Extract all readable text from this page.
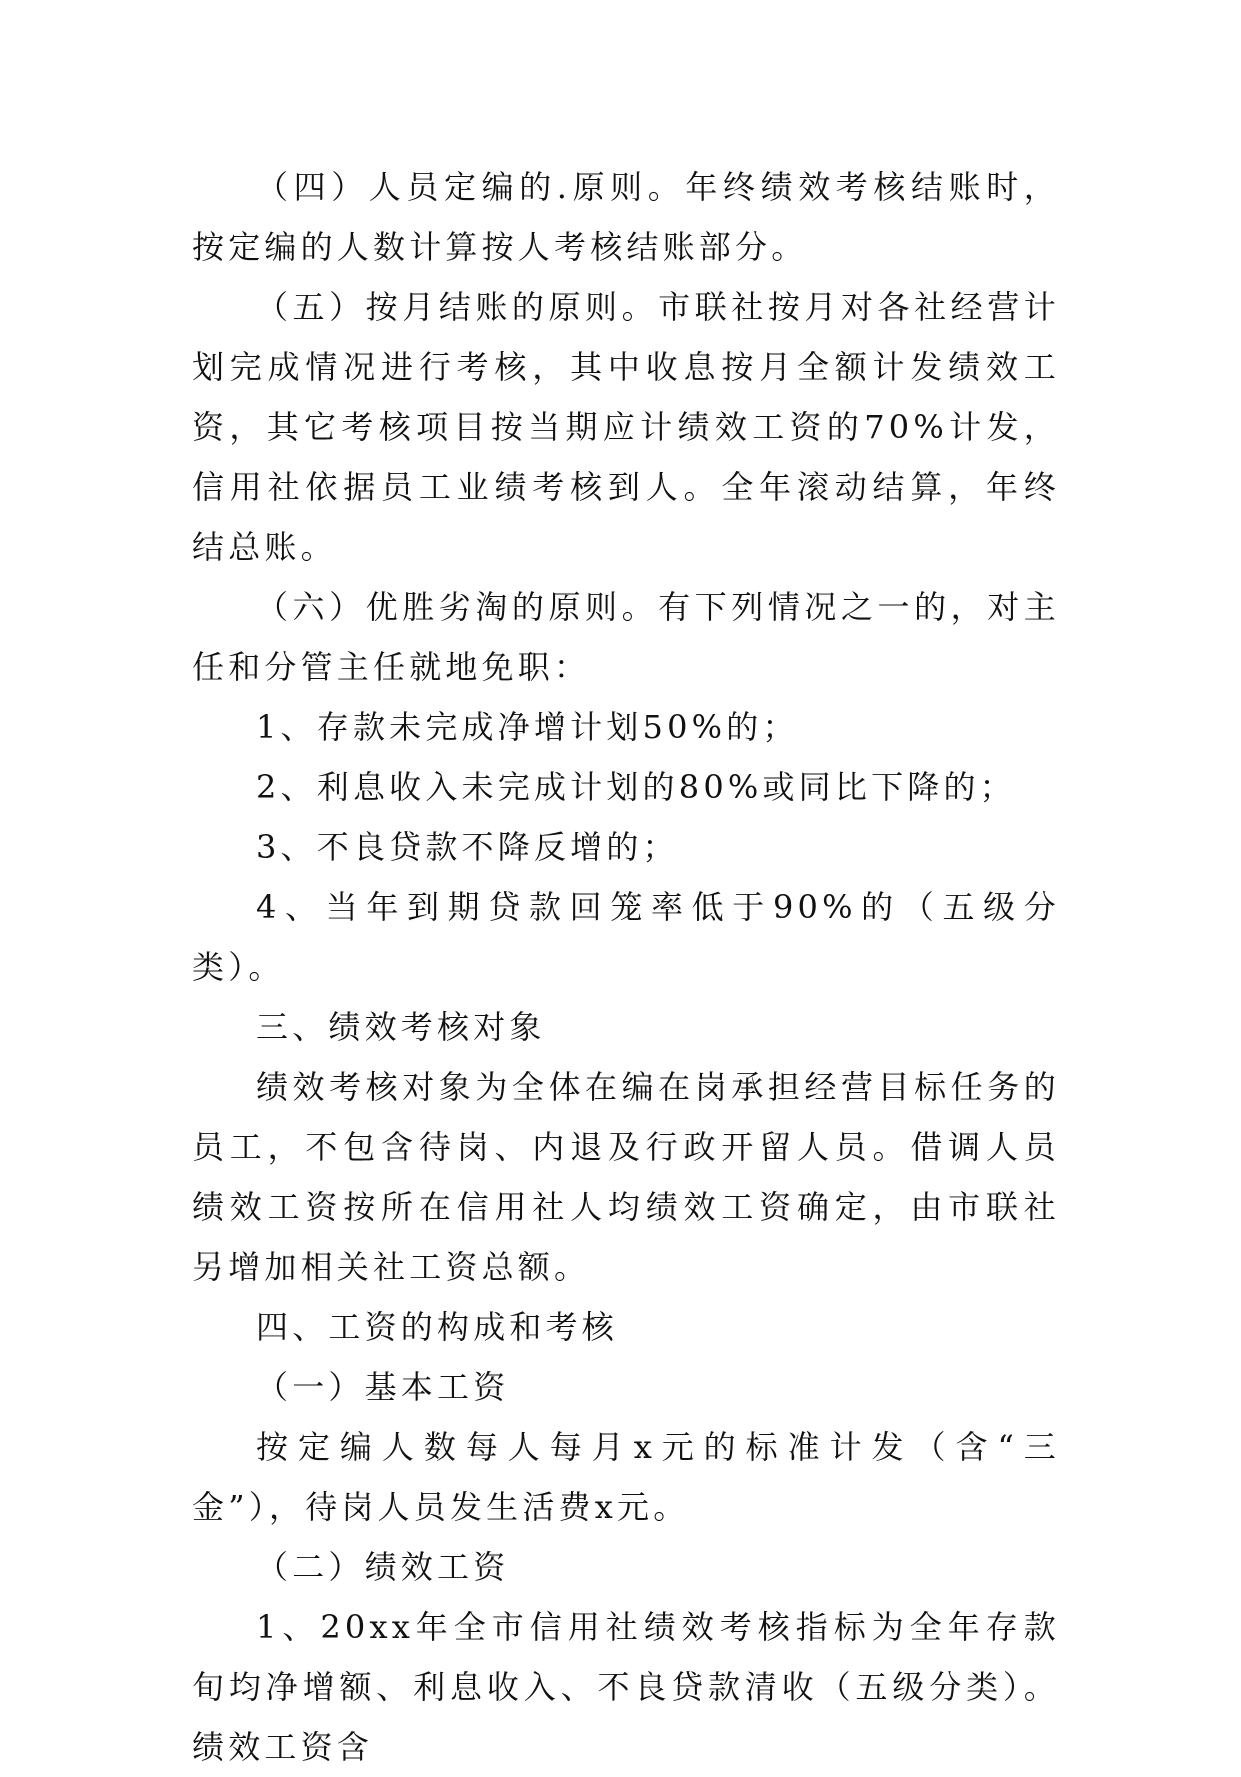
（四）人员定编的.原则。年终绩效考核结账时，按定编的人数计算按人考核结账部分。

（五）按月结账的原则。市联社按月对各社经营计划完成情况进行考核，其中收息按月全额计发绩效工资，其它考核项目按当期应计绩效工资的70%计发，信用社依据员工业绩考核到人。全年滚动结算，年终结总账。

（六）优胜劣淘的原则。有下列情况之一的，对主任和分管主任就地免职：

1、存款未完成净增计划50%的；

2、利息收入未完成计划的80%或同比下降的；

3、不良贷款不降反增的；

4、当年到期贷款回笼率低于90%的（五级分类）。

三、绩效考核对象

绩效考核对象为全体在编在岗承担经营目标任务的员工，不包含待岗、内退及行政开留人员。借调人员绩效工资按所在信用社人均绩效工资确定，由市联社另增加相关社工资总额。

四、工资的构成和考核

（一）基本工资

按定编人数每人每月x元的标准计发（含“三金”），待岗人员发生活费x元。

（二）绩效工资

1、20xx年全市信用社绩效考核指标为全年存款旬均净增额、利息收入、不良贷款清收（五级分类）。绩效工资含
